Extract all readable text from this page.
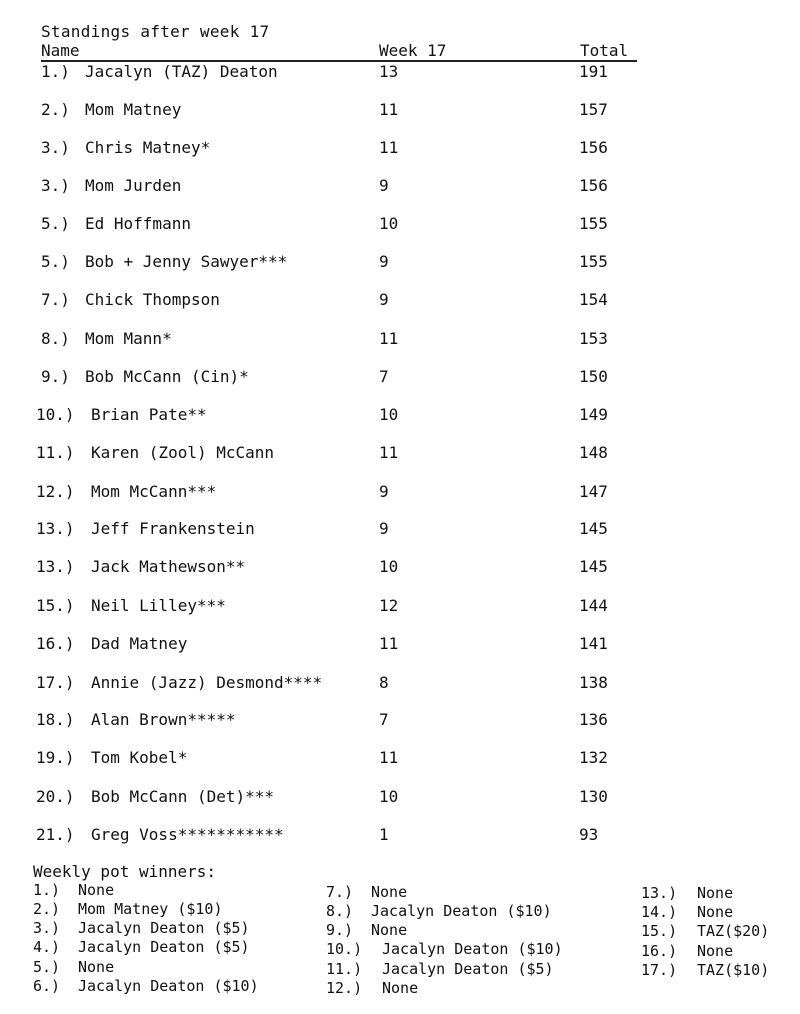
Standings after week 17
Name	Week 17	Total
1.) Jacalyn (TAZ) Deaton	13	191
2.) Mom Matney	11	157
3.) Chris Matney*	11	156
3.) Mom Jurden	9	156
5.) Ed Hoffmann	10	155
5.) Bob + Jenny Sawyer***	9	155
7.) Chick Thompson	9	154
8.) Mom Mann*	11	153
9.) Bob McCann (Cin)*	7	150
10.) Brian Pate**	10	149
11.) Karen (Zool) McCann	11	148
12.) Mom McCann***	9	147
13.) Jeff Frankenstein	9	145
13.) Jack Mathewson**	10	145
15.) Neil Lilley***	12	144
16.) Dad Matney	11	141
17.) Annie (Jazz) Desmond****	8	138
18.) Alan Brown*****	7	136
19.) Tom Kobel*	11	132
20.) Bob McCann (Det)***	10	130
21.) Greg Voss***********	1	93
Weekly pot winners:
1.) None
2.) Mom Matney ($10)
3.) Jacalyn Deaton ($5)
4.) Jacalyn Deaton ($5)
5.) None
6.) Jacalyn Deaton ($10)
7.) None
8.) Jacalyn Deaton ($10)
9.) None
10.) Jacalyn Deaton ($10)
11.) Jacalyn Deaton ($5)
12.) None
13.) None
14.) None
15.) TAZ($20)
16.) None
17.) TAZ($10)
